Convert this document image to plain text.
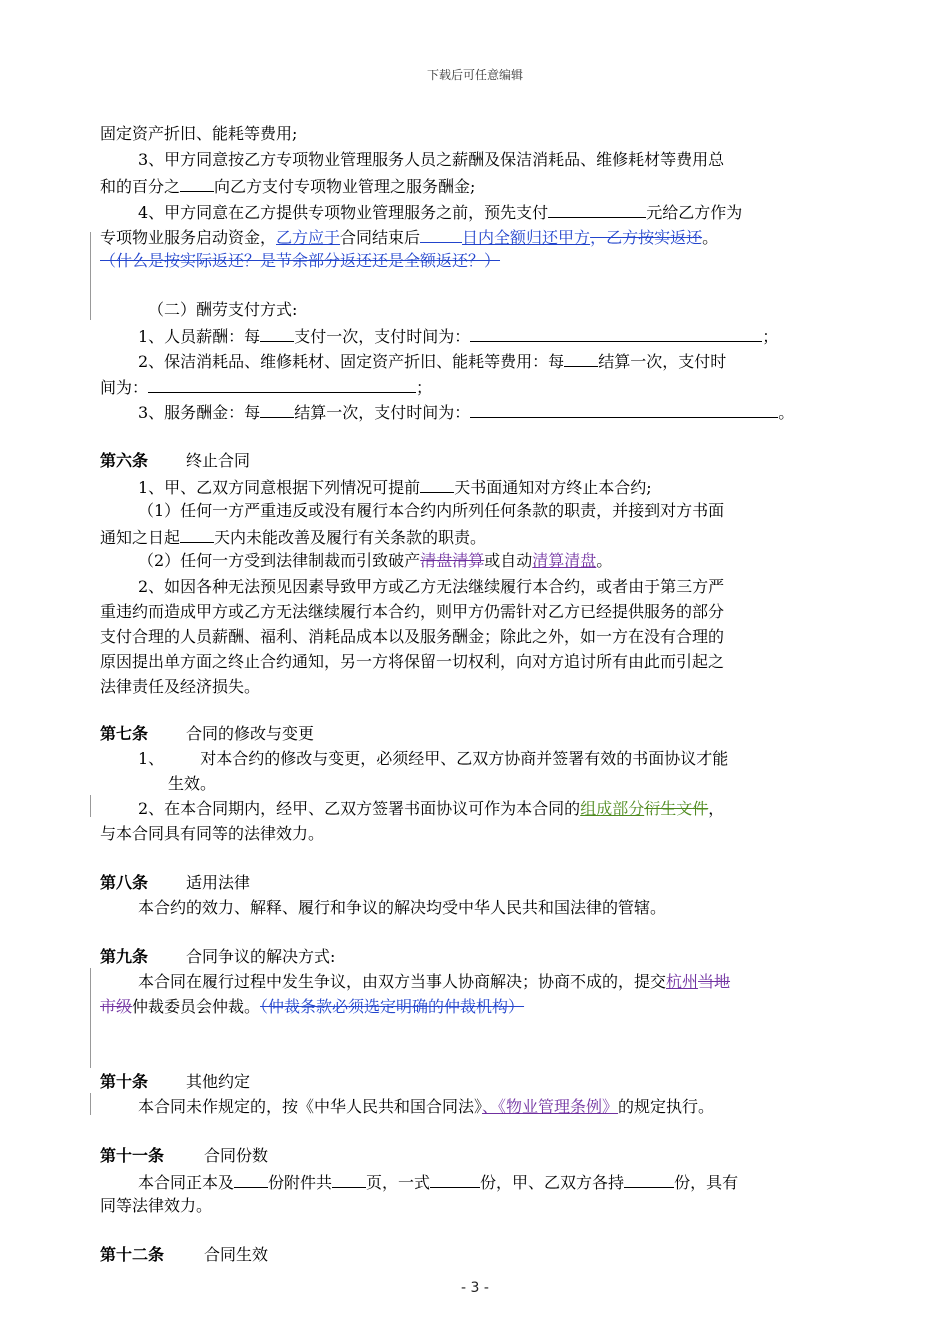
下载后可任意编辑
固定资产折旧、能耗等费用;
3、甲方同意按乙方专项物业管理服务人员之薪酬及保洁消耗品、维修耗材等费用总
和的百分之 向乙方支付专项物业管理之服务酬金;
4、甲方同意在乙方提供专项物业管理服务之前，预先支付	元给乙方作为
专项物业服务启动资金，乙方应于合同结束后	日内全额归还甲方，乙方按实返还。
（什么是按实际返还？是节余部分返还还是全额返还？）
（二）酬劳支付方式:
1、人员薪酬：每 支付一次，支付时间为：	；
2、保洁消耗品、维修耗材、固定资产折旧、能耗等费用：每 结算一次，支付时
间为：	；
3、服务酬金：每 结算一次，支付时间为：	。
第六条 终止合同
1、甲、乙双方同意根据下列情况可提前 天书面通知对方终止本合约;
（1）任何一方严重违反或没有履行本合约内所列任何条款的职责，并接到对方书面
通知之日起 天内未能改善及履行有关条款的职责。
（2）任何一方受到法律制裁而引致破产清盘清算或自动清算清盘。
2、如因各种无法预见因素导致甲方或乙方无法继续履行本合约，或者由于第三方严
重违约而造成甲方或乙方无法继续履行本合约，则甲方仍需针对乙方已经提供服务的部分
支付合理的人员薪酬、福利、消耗品成本以及服务酬金；除此之外，如一方在没有合理的
原因提出单方面之终止合约通知，另一方将保留一切权利，向对方追讨所有由此而引起之
法律责任及经济损失。
第七条 合同的修改与变更
1、 对本合约的修改与变更，必须经甲、乙双方协商并签署有效的书面协议才能
生效。
2、在本合同期内，经甲、乙双方签署书面协议可作为本合同的组成部分衍生文件，
与本合同具有同等的法律效力。
第八条 适用法律
本合约的效力、解释、履行和争议的解决均受中华人民共和国法律的管辖。
第九条 合同争议的解决方式:
本合同在履行过程中发生争议，由双方当事人协商解决；协商不成的，提交杭州当地
市级仲裁委员会仲裁。（仲裁条款必须选定明确的仲裁机构）
第十条 其他约定
本合同未作规定的，按《中华人民共和国合同法》、《物业管理条例》的规定执行。
第十一条	合同份数
本合同正本及 份附件共 页，一式	份，甲、乙双方各持	份，具有
同等法律效力。
第十二条	合同生效
- 3 -
